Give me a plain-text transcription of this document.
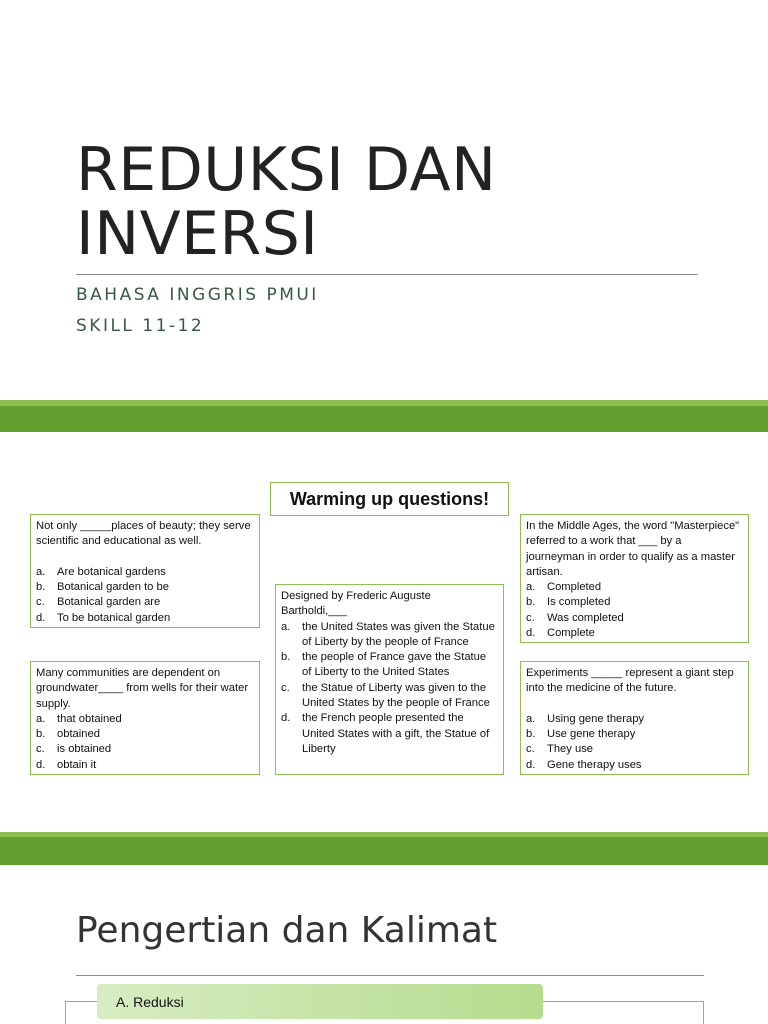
REDUKSI DAN
INVERSI
BAHASA INGGRIS PMUI
SKILL 11-12
Warming up questions!
Not only _____places of beauty; they serve scientific and educational as well.
a.	Are botanical gardens
b.	Botanical garden to be
c.	Botanical garden are
d.	To be botanical garden
Many communities are dependent on groundwater____ from wells for their water supply.
a.	that obtained
b.	obtained
c.	is obtained
d.	obtain it
Designed by Frederic Auguste Bartholdi,___
a.	the United States was given the Statue of Liberty by the people of France
b.	the people of France gave the Statue of Liberty to the United States
c.	the Statue of Liberty was given to the United States by the people of France
d.	the French people presented the United States with a gift, the Statue of Liberty
In the Middle Ages, the word "Masterpiece" referred to a work that ___ by a journeyman in order to qualify as a master artisan.
a.	Completed
b.	Is completed
c.	Was completed
d.	Complete
Experiments _____ represent a giant step into the medicine of the future.
a.	Using gene therapy
b.	Use gene therapy
c.	They use
d.	Gene therapy uses
Pengertian dan Kalimat
A. Reduksi
